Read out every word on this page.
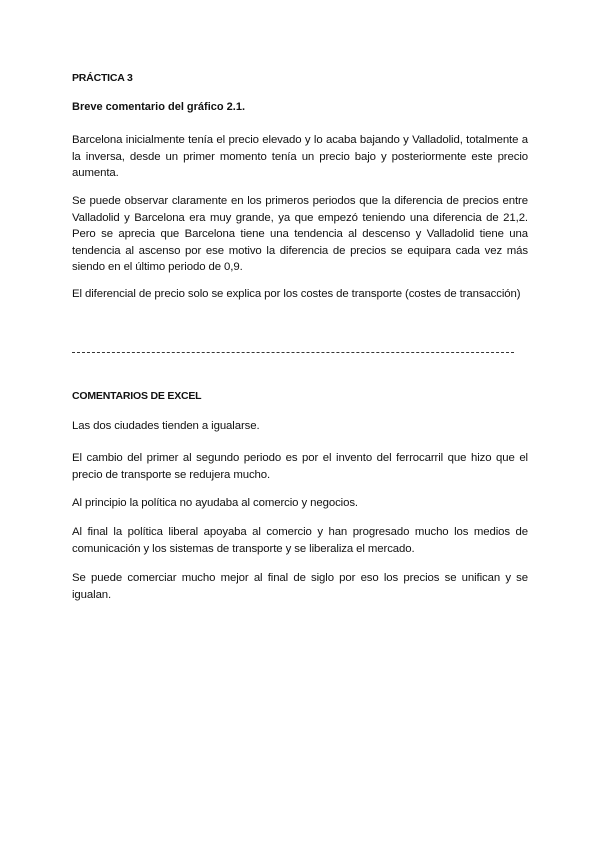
PRÁCTICA 3
Breve comentario del gráfico 2.1.
Barcelona inicialmente tenía el precio elevado y lo acaba bajando y Valladolid, totalmente a la inversa, desde un primer momento tenía un precio bajo y posteriormente este precio aumenta.
Se puede observar claramente en los primeros periodos que la diferencia de precios entre Valladolid y Barcelona era muy grande, ya que empezó teniendo una diferencia de 21,2. Pero se aprecia que Barcelona tiene una tendencia al descenso y Valladolid tiene una tendencia al ascenso por ese motivo la diferencia de precios se equipara cada vez más siendo en el último periodo de 0,9.
El diferencial de precio solo se explica por los costes de transporte (costes de transacción)
COMENTARIOS DE EXCEL
Las dos ciudades tienden a igualarse.
El cambio del primer al segundo periodo es por el invento del ferrocarril que hizo que el precio de transporte se redujera mucho.
Al principio la política no ayudaba al comercio y negocios.
Al final la política liberal apoyaba al comercio y han progresado mucho los medios de comunicación y los sistemas de transporte y se liberaliza el mercado.
Se puede comerciar mucho mejor al final de siglo por eso los precios se unifican y se igualan.
